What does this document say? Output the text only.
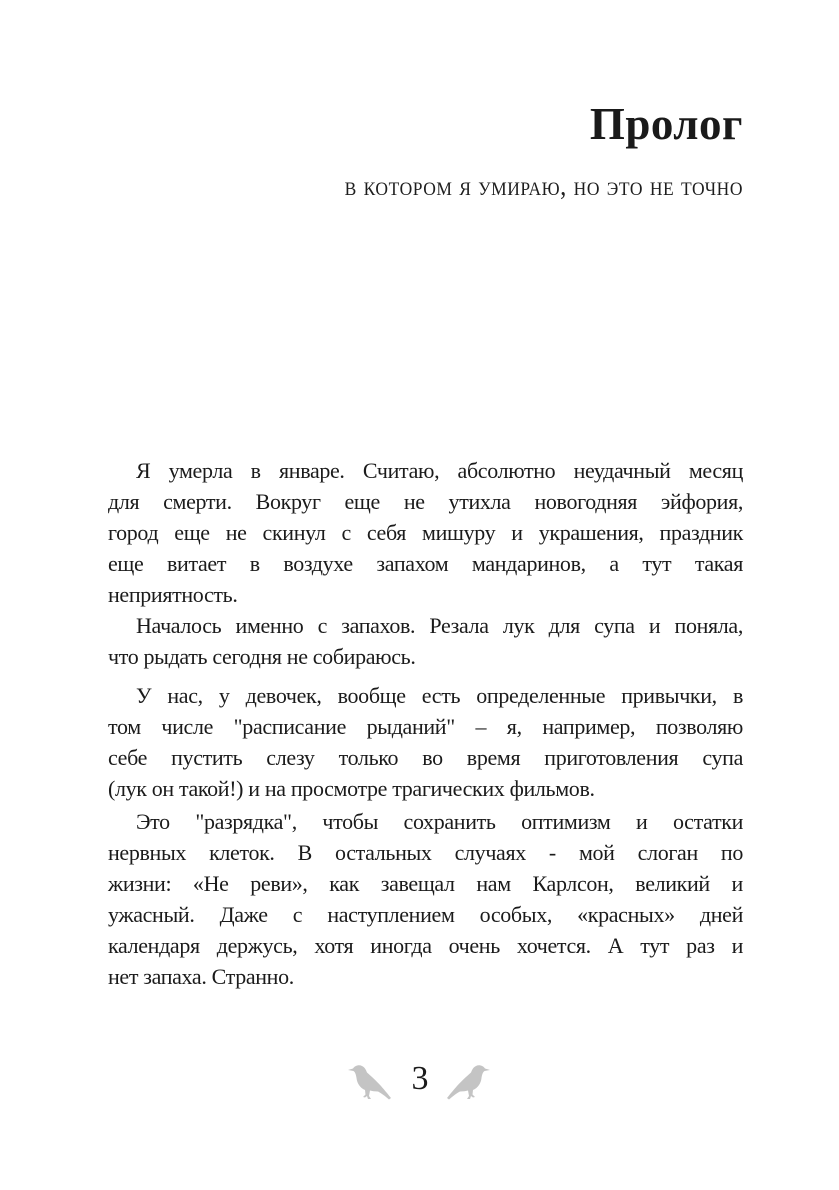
Пролог
в котором я умираю, но это не точно

Я умерла в январе. Считаю, абсолютно неудачный месяц
для смерти. Вокруг еще не утихла новогодняя эйфория,
город еще не скинул с себя мишуру и украшения, праздник
еще витает в воздухе запахом мандаринов, а тут такая
неприятность.

Началось именно с запахов. Резала лук для супа и поняла,
что рыдать сегодня не собираюсь.

У нас, у девочек, вообще есть определенные привычки, в
том числе "расписание рыданий" – я, например, позволяю
себе пустить слезу только во время приготовления супа
(лук он такой!) и на просмотре трагических фильмов.

Это "разрядка", чтобы сохранить оптимизм и остатки
нервных клеток. В остальных случаях - мой слоган по
жизни: «Не реви», как завещал нам Карлсон, великий и
ужасный. Даже с наступлением особых, «красных» дней
календаря держусь, хотя иногда очень хочется. А тут раз и
нет запаха. Странно.

3
